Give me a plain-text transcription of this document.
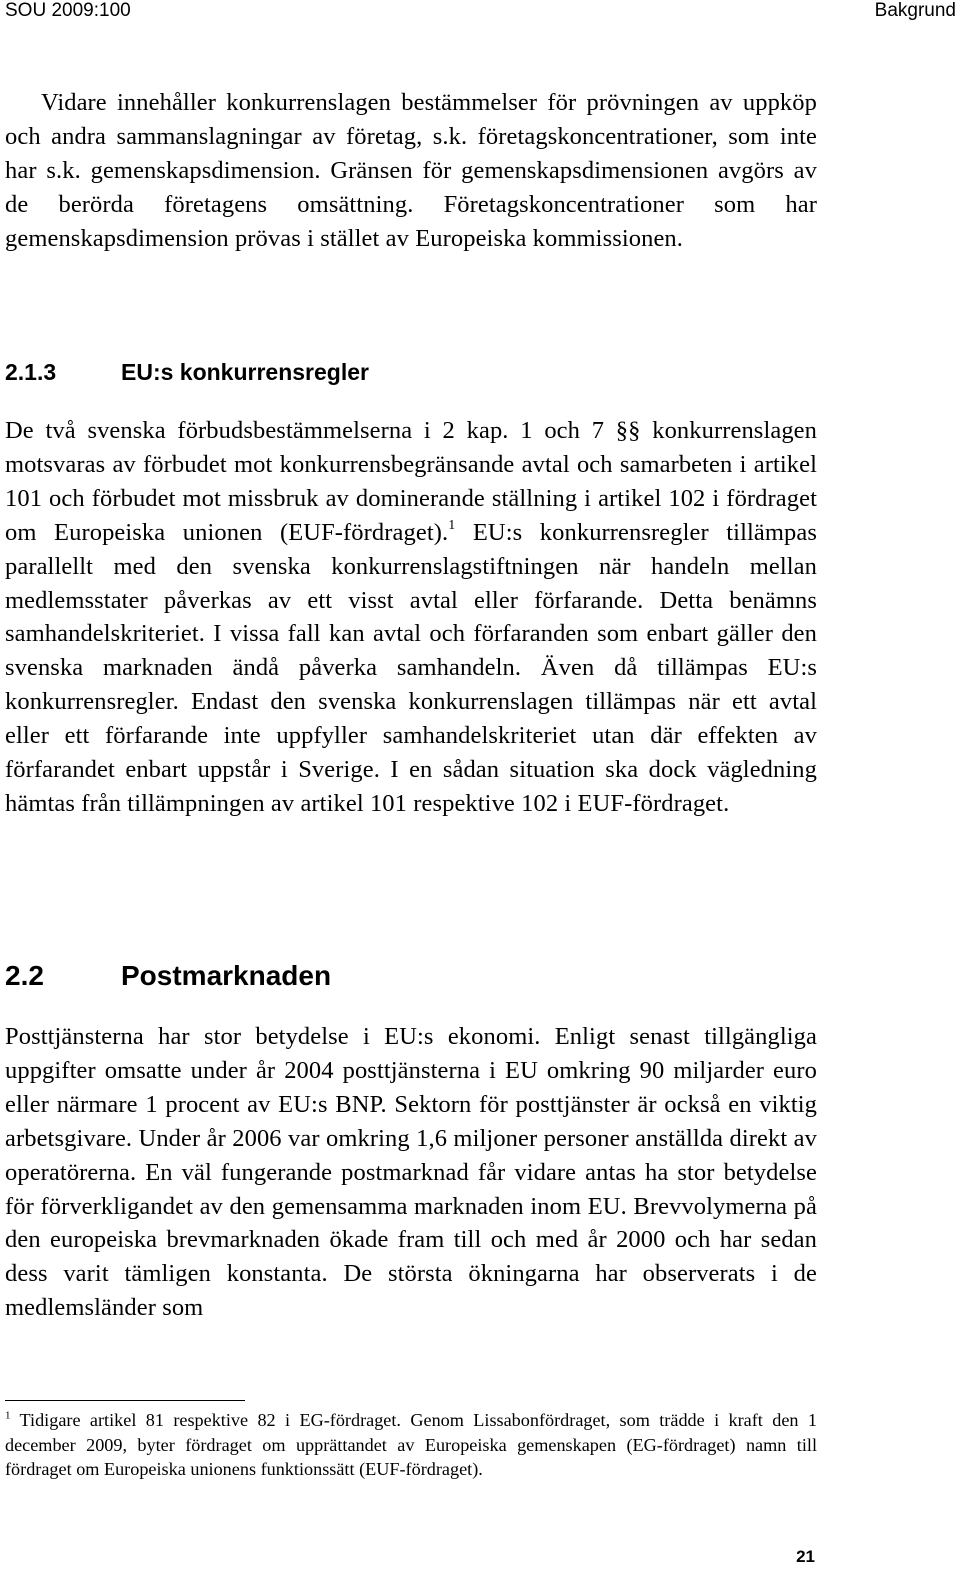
SOU 2009:100	Bakgrund

Vidare innehåller konkurrenslagen bestämmelser för prövningen av uppköp och andra sammanslagningar av företag, s.k. företagskoncentrationer, som inte har s.k. gemenskapsdimension. Gränsen för gemenskapsdimensionen avgörs av de berörda företagens omsättning. Företagskoncentrationer som har gemenskapsdimension prövas i stället av Europeiska kommissionen.

2.1.3	EU:s konkurrensregler

De två svenska förbudsbestämmelserna i 2 kap. 1 och 7 §§ konkurrenslagen motsvaras av förbudet mot konkurrensbegränsande avtal och samarbeten i artikel 101 och förbudet mot missbruk av dominerande ställning i artikel 102 i fördraget om Europeiska unionen (EUF-fördraget).$^1$ EU:s konkurrensregler tillämpas parallellt med den svenska konkurrenslagstiftningen när handeln mellan medlemsstater påverkas av ett visst avtal eller förfarande. Detta benämns samhandelskriteriet. I vissa fall kan avtal och förfaranden som enbart gäller den svenska marknaden ändå påverka samhandeln. Även då tillämpas EU:s konkurrensregler. Endast den svenska konkurrenslagen tillämpas när ett avtal eller ett förfarande inte uppfyller samhandelskriteriet utan där effekten av förfarandet enbart uppstår i Sverige. I en sådan situation ska dock vägledning hämtas från tillämpningen av artikel 101 respektive 102 i EUF-fördraget.

2.2	Postmarknaden

Posttjänsterna har stor betydelse i EU:s ekonomi. Enligt senast tillgängliga uppgifter omsatte under år 2004 posttjänsterna i EU omkring 90 miljarder euro eller närmare 1 procent av EU:s BNP. Sektorn för posttjänster är också en viktig arbetsgivare. Under år 2006 var omkring 1,6 miljoner personer anställda direkt av operatörerna. En väl fungerande postmarknad får vidare antas ha stor betydelse för förverkligandet av den gemensamma marknaden inom EU. Brevvolymerna på den europeiska brevmarknaden ökade fram till och med år 2000 och har sedan dess varit tämligen konstanta. De största ökningarna har observerats i de medlemsländer som

$^1$ Tidigare artikel 81 respektive 82 i EG-fördraget. Genom Lissabonfördraget, som trädde i kraft den 1 december 2009, byter fördraget om upprättandet av Europeiska gemenskapen (EG-fördraget) namn till fördraget om Europeiska unionens funktionssätt (EUF-fördraget).

21
